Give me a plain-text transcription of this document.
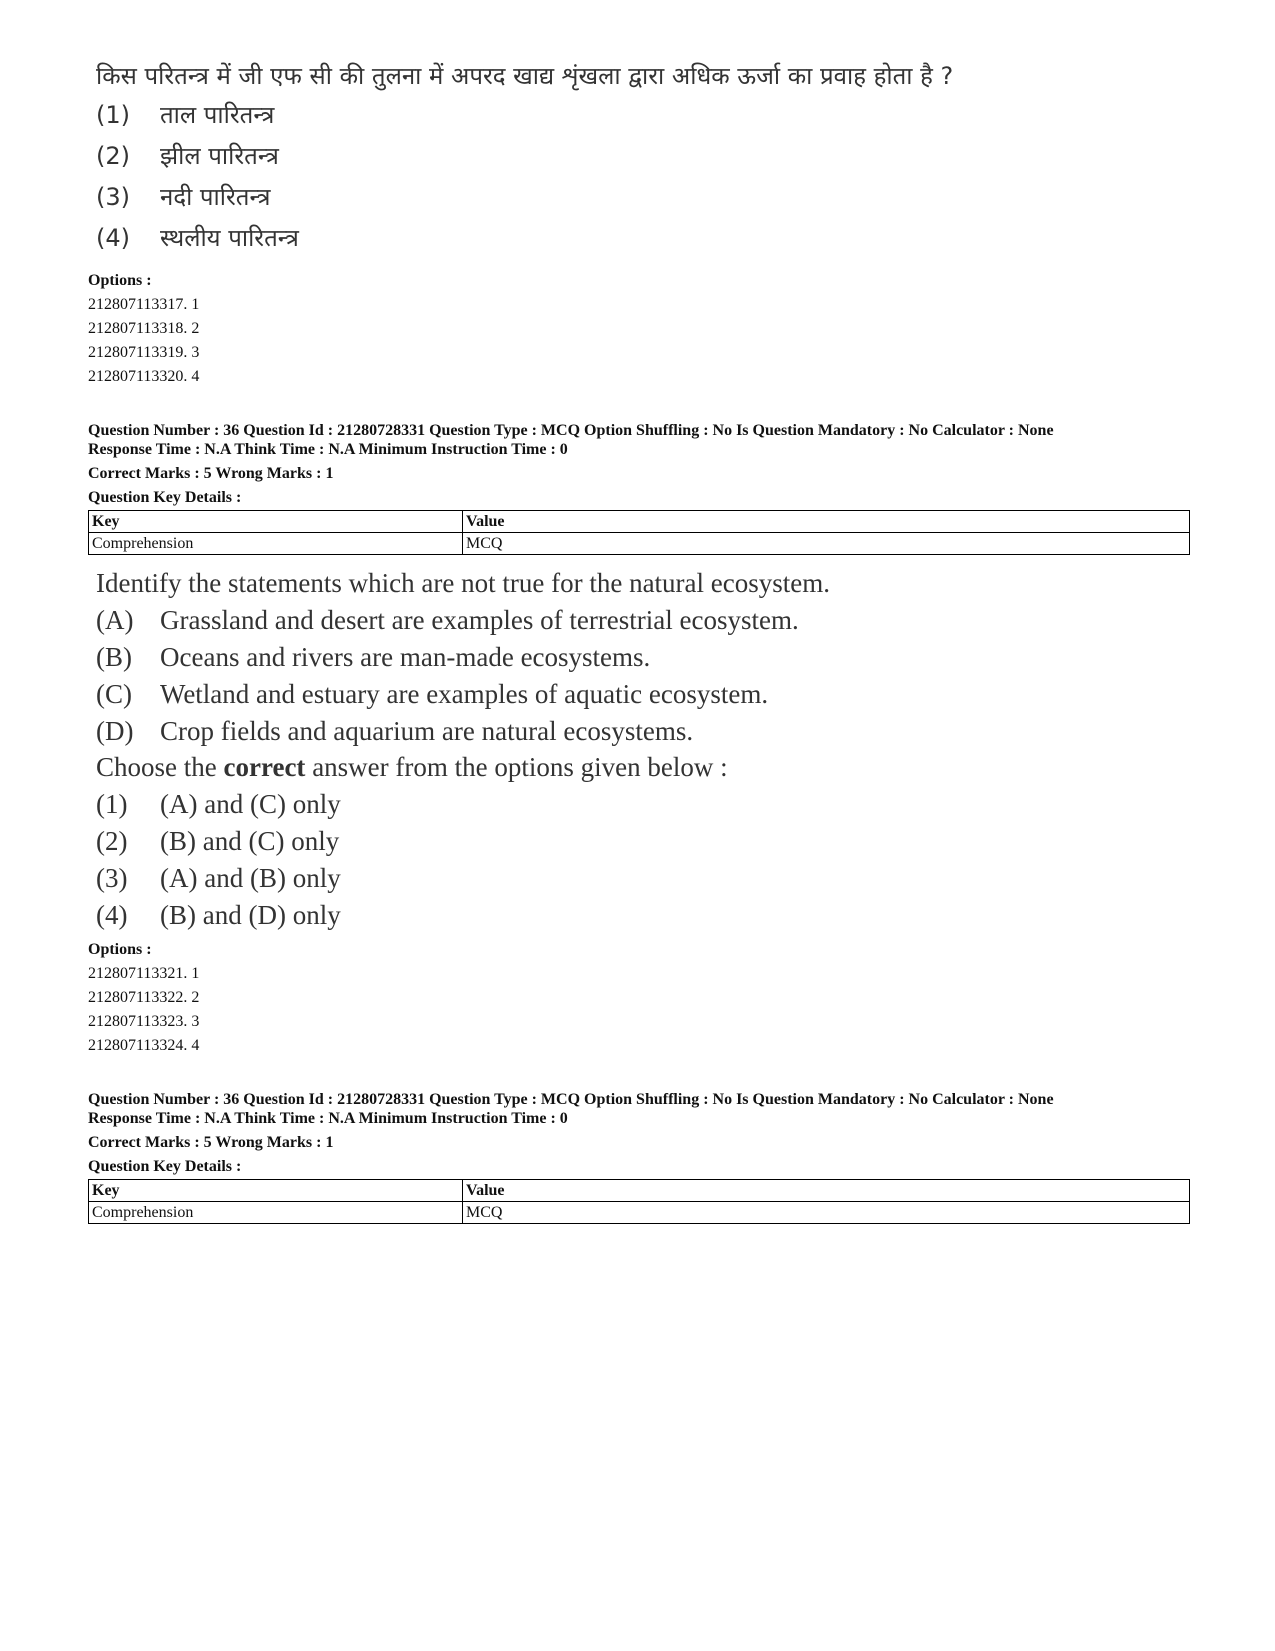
किस परितन्त्र में जी एफ सी की तुलना में अपरद खाद्य शृंखला द्वारा अधिक ऊर्जा का प्रवाह होता है ?
(1)	ताल पारितन्त्र
(2)	झील पारितन्त्र
(3)	नदी पारितन्त्र
(4)	स्थलीय पारितन्त्र
Options :
212807113317. 1
212807113318. 2
212807113319. 3
212807113320. 4
Question Number : 36 Question Id : 21280728331 Question Type : MCQ Option Shuffling : No Is Question Mandatory : No Calculator : None
Response Time : N.A Think Time : N.A Minimum Instruction Time : 0
Correct Marks : 5 Wrong Marks : 1
Question Key Details :
Key	Value
Comprehension	MCQ
Identify the statements which are not true for the natural ecosystem.
(A) Grassland and desert are examples of terrestrial ecosystem.
(B)	Oceans and rivers are man-made ecosystems.
(C)	Wetland and estuary are examples of aquatic ecosystem.
(D) Crop fields and aquarium are natural ecosystems.
Choose the correct answer from the options given below :
(1)	(A) and (C) only
(2)	(B) and (C) only
(3)	(A) and (B) only
(4)	(B) and (D) only
Options :
212807113321. 1
212807113322. 2
212807113323. 3
212807113324. 4
Question Number : 36 Question Id : 21280728331 Question Type : MCQ Option Shuffling : No Is Question Mandatory : No Calculator : None
Response Time : N.A Think Time : N.A Minimum Instruction Time : 0
Correct Marks : 5 Wrong Marks : 1
Question Key Details :
Key	Value
Comprehension	MCQ
